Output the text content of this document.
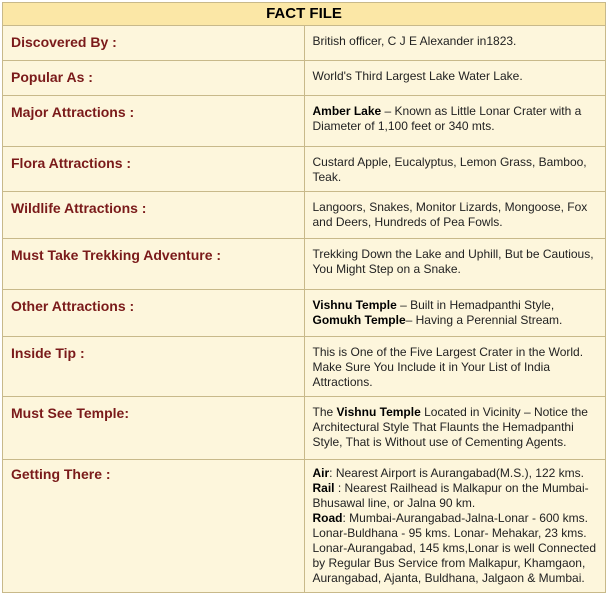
FACT FILE	
Discovered By :	British officer, C J E Alexander in1823.
Popular As :	World's Third Largest Lake Water Lake.
Major Attractions :	Amber Lake – Known as Little Lonar Crater with a Diameter of 1,100 feet or 340 mts.
Flora Attractions :	Custard Apple, Eucalyptus, Lemon Grass, Bamboo, Teak.
Wildlife Attractions :	Langoors, Snakes, Monitor Lizards, Mongoose, Fox and Deers, Hundreds of Pea Fowls.
Must Take Trekking Adventure :	Trekking Down the Lake and Uphill, But be Cautious, You Might Step on a Snake.
Other Attractions :	Vishnu Temple – Built in Hemadpanthi Style, Gomukh Temple– Having a Perennial Stream.
Inside Tip :	This is One of the Five Largest Crater in the World. Make Sure You Include it in Your List of India Attractions.
Must See Temple:	The Vishnu Temple Located in Vicinity – Notice the Architectural Style That Flaunts the Hemadpanthi Style, That is Without use of Cementing Agents.
Getting There :	Air: Nearest Airport is Aurangabad(M.S.), 122 kms.
Rail : Nearest Railhead is Malkapur on the Mumbai-Bhusawal line, or Jalna 90 km.
Road: Mumbai-Aurangabad-Jalna-Lonar - 600 kms. Lonar-Buldhana - 95 kms. Lonar- Mehakar, 23 kms. Lonar-Aurangabad, 145 kms,Lonar is well Connected by Regular Bus Service from Malkapur, Khamgaon, Aurangabad, Ajanta, Buldhana, Jalgaon & Mumbai.
